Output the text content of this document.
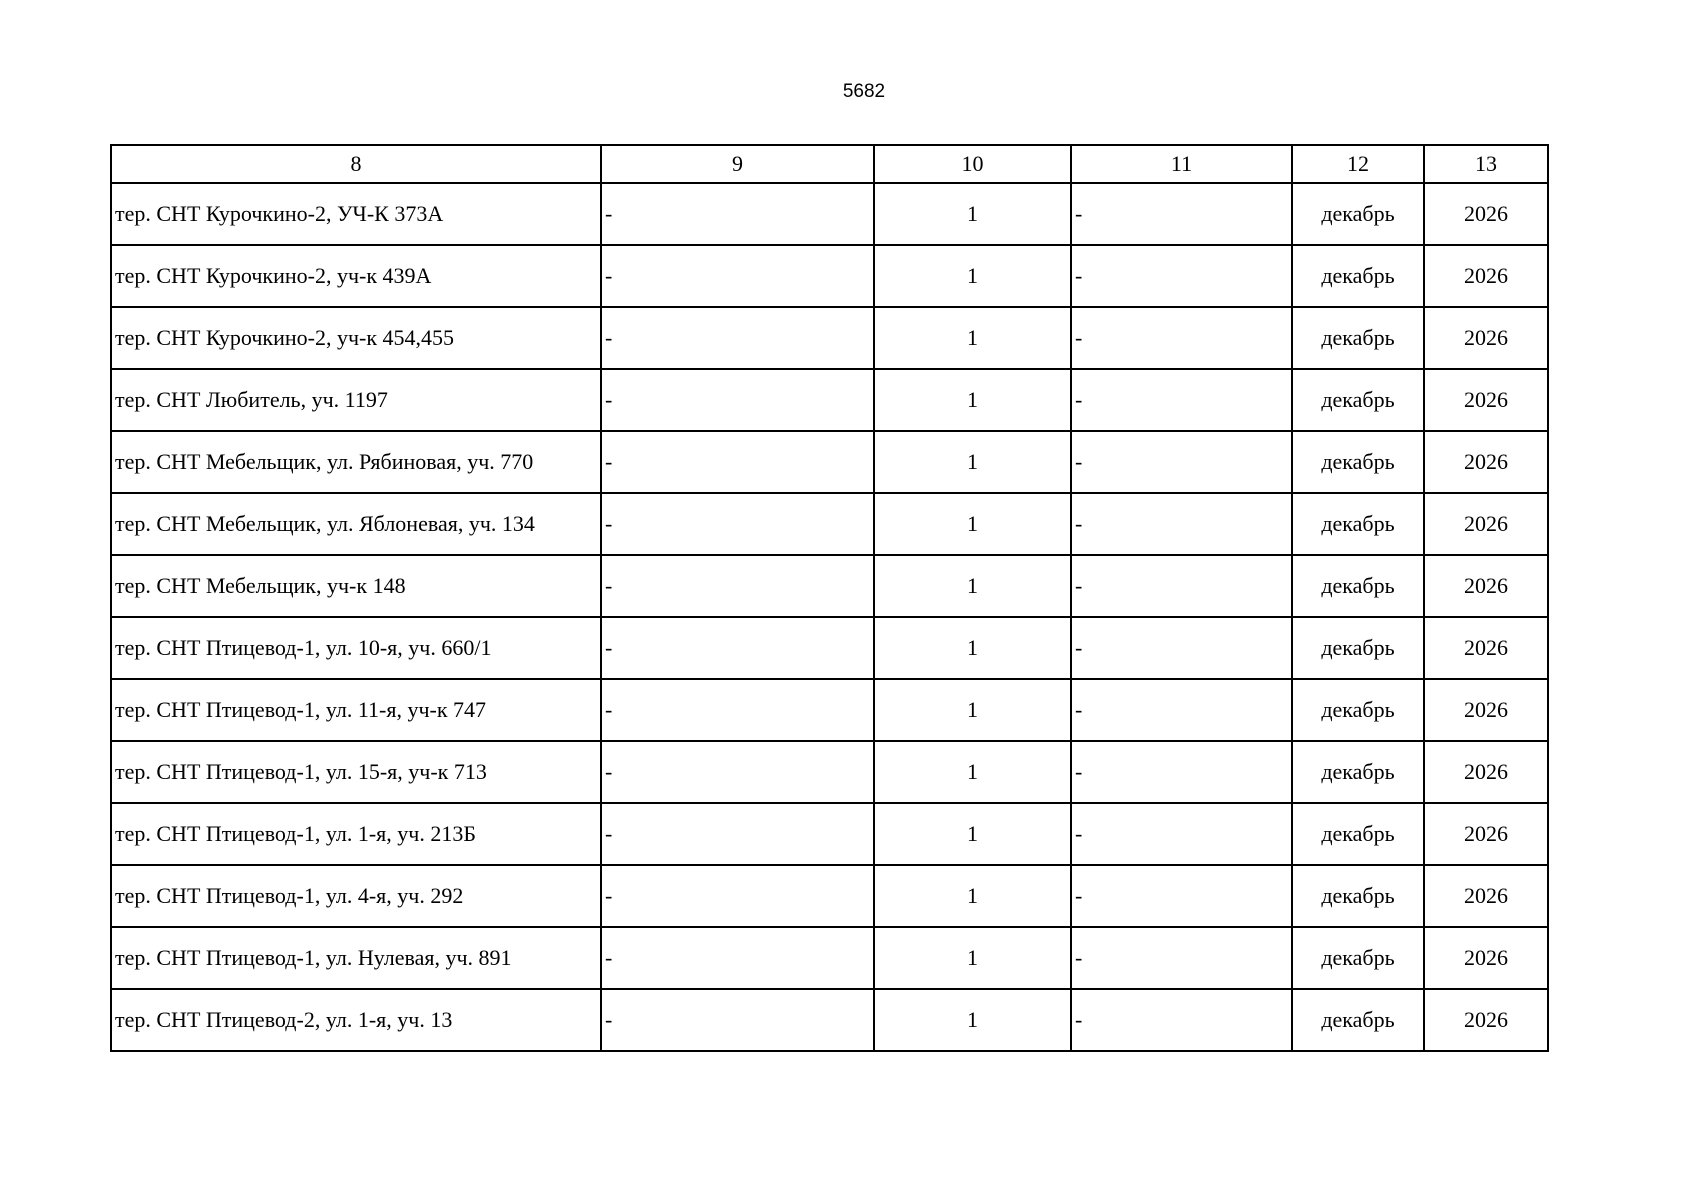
5682
8	9	10	11	12	13
тер. СНТ Курочкино-2, УЧ-К 373А	-	1	-	декабрь	2026
тер. СНТ Курочкино-2, уч-к 439А	-	1	-	декабрь	2026
тер. СНТ Курочкино-2, уч-к 454,455	-	1	-	декабрь	2026
тер. СНТ Любитель, уч. 1197	-	1	-	декабрь	2026
тер. СНТ Мебельщик, ул. Рябиновая, уч. 770	-	1	-	декабрь	2026
тер. СНТ Мебельщик, ул. Яблоневая, уч. 134	-	1	-	декабрь	2026
тер. СНТ Мебельщик, уч-к 148	-	1	-	декабрь	2026
тер. СНТ Птицевод-1, ул. 10-я, уч. 660/1	-	1	-	декабрь	2026
тер. СНТ Птицевод-1, ул. 11-я, уч-к 747	-	1	-	декабрь	2026
тер. СНТ Птицевод-1, ул. 15-я, уч-к 713	-	1	-	декабрь	2026
тер. СНТ Птицевод-1, ул. 1-я, уч. 213Б	-	1	-	декабрь	2026
тер. СНТ Птицевод-1, ул. 4-я, уч. 292	-	1	-	декабрь	2026
тер. СНТ Птицевод-1, ул. Нулевая, уч. 891	-	1	-	декабрь	2026
тер. СНТ Птицевод-2, ул. 1-я, уч. 13	-	1	-	декабрь	2026
